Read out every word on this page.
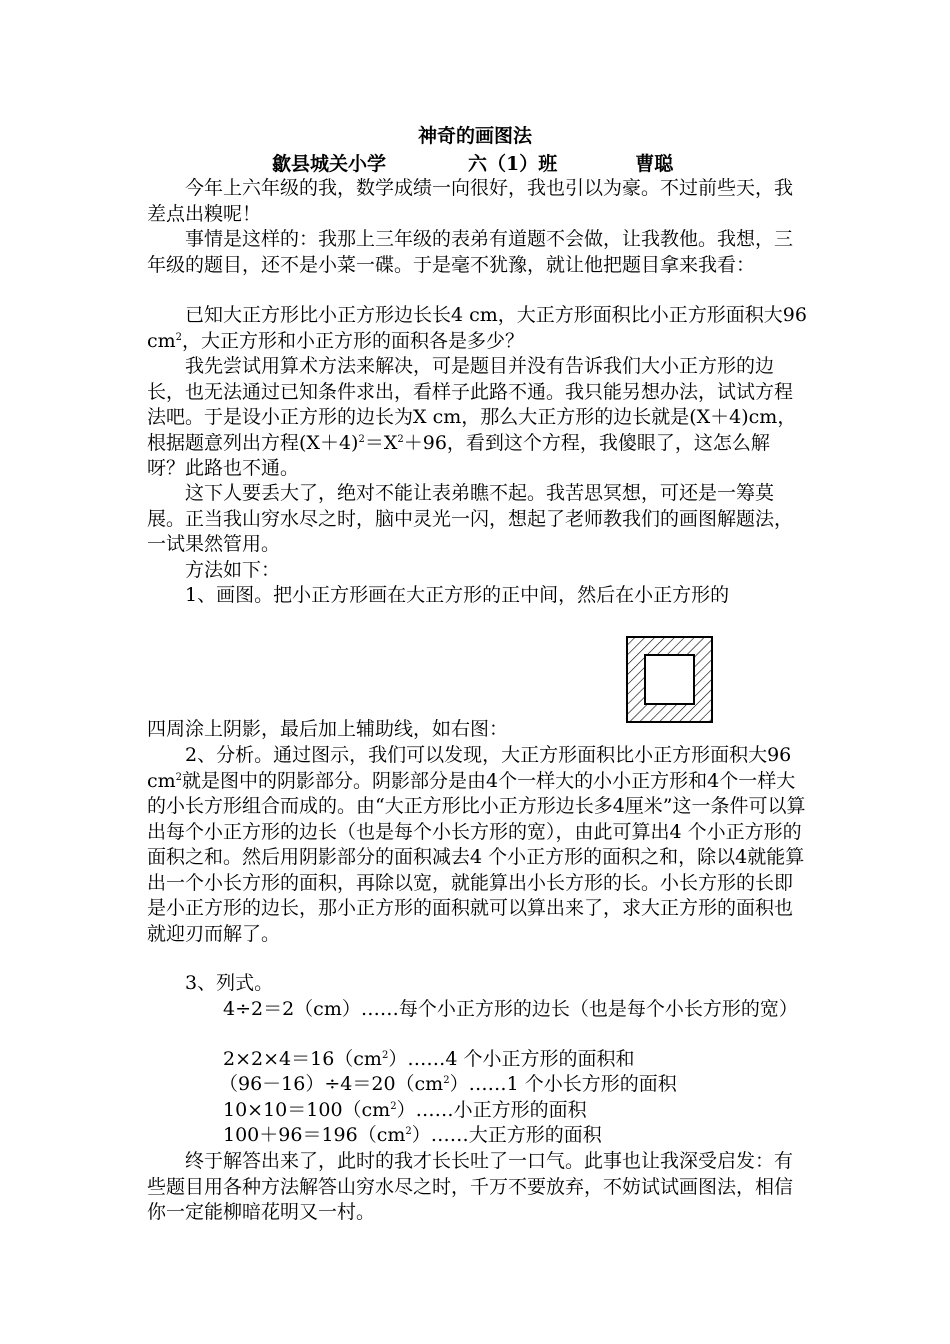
神奇的画图法
歙县城关小学	六（1）班	曹聪

今年上六年级的我，数学成绩一向很好，我也引以为豪。不过前些天，我差点出糗呢！

事情是这样的：我那上三年级的表弟有道题不会做，让我教他。我想，三年级的题目，还不是小菜一碟。于是毫不犹豫，就让他把题目拿来我看：

已知大正方形比小正方形边长长4 cm，大正方形面积比小正方形面积大96 $cm^2$，大正方形和小正方形的面积各是多少？

我先尝试用算术方法来解决，可是题目并没有告诉我们大小正方形的边长，也无法通过已知条件求出，看样子此路不通。我只能另想办法，试试方程法吧。于是设小正方形的边长为X cm，那么大正方形的边长就是(X＋4)cm，根据题意列出方程$(X+4)^2=X^2+96$，看到这个方程，我傻眼了，这怎么解呀？此路也不通。

这下人要丢大了，绝对不能让表弟瞧不起。我苦思冥想，可还是一筹莫展。正当我山穷水尽之时，脑中灵光一闪，想起了老师教我们的画图解题法，一试果然管用。

方法如下：

1、画图。把小正方形画在大正方形的正中间，然后在小正方形的

四周涂上阴影，最后加上辅助线，如右图：

2、分析。通过图示，我们可以发现，大正方形面积比小正方形面积大96 $cm^2$就是图中的阴影部分。阴影部分是由4个一样大的小小正方形和4个一样大的小长方形组合而成的。由“大正方形比小正方形边长多4厘米”这一条件可以算出每个小正方形的边长（也是每个小长方形的宽），由此可算出4 个小正方形的面积之和。然后用阴影部分的面积减去4 个小正方形的面积之和，除以4就能算出一个小长方形的面积，再除以宽，就能算出小长方形的长。小长方形的长即是小正方形的边长，那小正方形的面积就可以算出来了，求大正方形的面积也就迎刃而解了。

3、列式。

4÷2＝2（cm）……每个小正方形的边长（也是每个小长方形的宽）

$2\times 2\times 4=16(cm^2)\dots\dots 4$ 个小正方形的面积和

$(96-16)\div 4=20(cm^2)\dots\dots 1$ 个小长方形的面积

$10\times 10=100(cm^2)\dots\dots$小正方形的面积

$100+96=196(cm^2)\dots\dots$大正方形的面积

终于解答出来了，此时的我才长长吐了一口气。此事也让我深受启发：有些题目用各种方法解答山穷水尽之时，千万不要放弃，不妨试试画图法，相信你一定能柳暗花明又一村。
